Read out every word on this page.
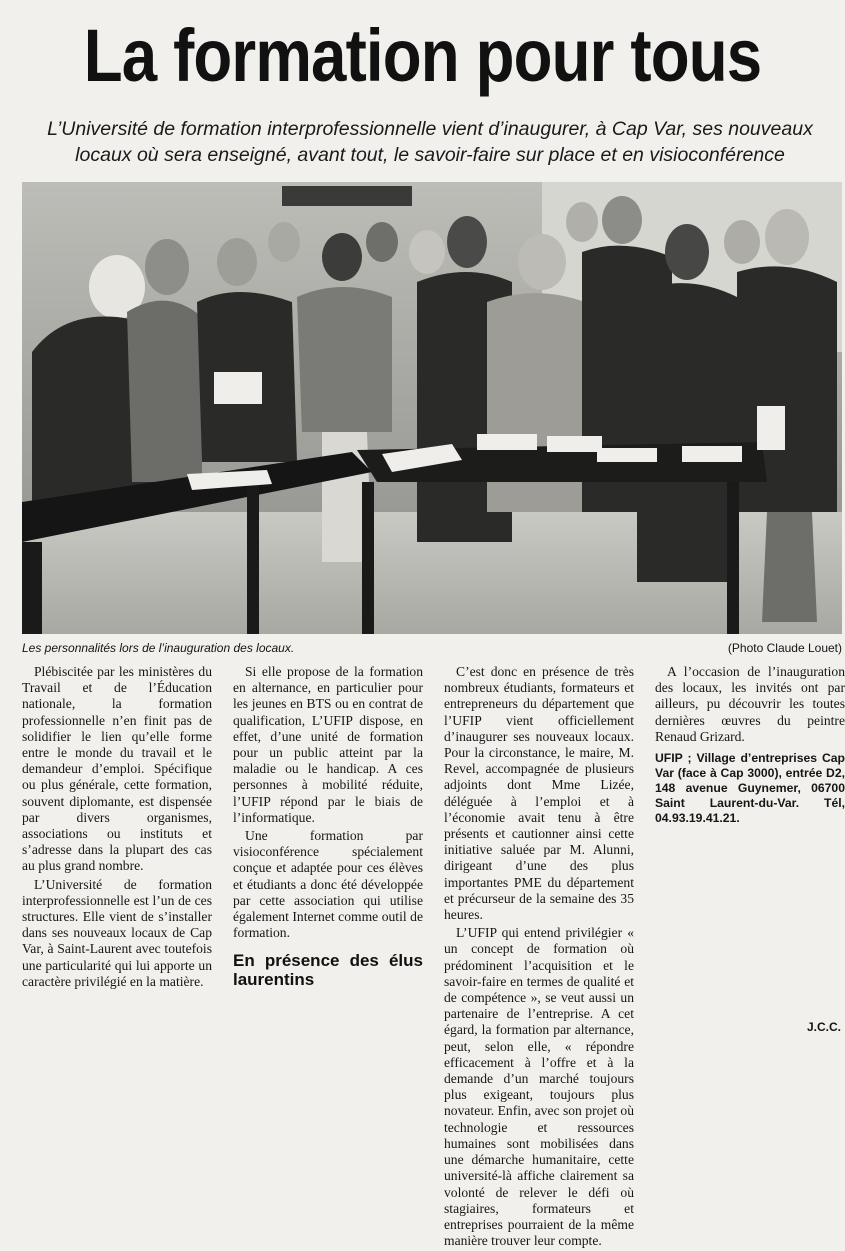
La formation pour tous

L’Université de formation interprofessionnelle vient d’inaugurer, à Cap Var, ses nouveaux locaux où sera enseigné, avant tout, le savoir-faire sur place et en visioconférence

Les personnalités lors de l’inauguration des locaux.	(Photo Claude Louet)

Plébiscitée par les ministères du Travail et de l’Éducation nationale, la formation professionnelle n’en finit pas de solidifier le lien qu’elle forme entre le monde du travail et le demandeur d’emploi. Spécifique ou plus générale, cette formation, souvent diplomante, est dispensée par divers organismes, associations ou instituts et s’adresse dans la plupart des cas au plus grand nombre.

L’Université de formation interprofessionnelle est l’un de ces structures. Elle vient de s’installer dans ses nouveaux locaux de Cap Var, à Saint-Laurent avec toutefois une particularité qui lui apporte un caractère privilégié en la matière.

Si elle propose de la formation en alternance, en particulier pour les jeunes en BTS ou en contrat de qualification, L’UFIP dispose, en effet, d’une unité de formation pour un public atteint par la maladie ou le handicap. A ces personnes à mobilité réduite, l’UFIP répond par le biais de l’informatique.

Une formation par visioconférence spécialement conçue et adaptée pour ces élèves et étudiants a donc été développée par cette association qui utilise également Internet comme outil de formation.

En présence des élus laurentins

C’est donc en présence de très nombreux étudiants, formateurs et entrepreneurs du département que l’UFIP vient officiellement d’inaugurer ses nouveaux locaux. Pour la circonstance, le maire, M. Revel, accompagnée de plusieurs adjoints dont Mme Lizée, déléguée à l’emploi et à l’économie avait tenu à être présents et cautionner ainsi cette initiative saluée par M. Alunni, dirigeant d’une des plus importantes PME du département et précurseur de la semaine des 35 heures.

L’UFIP qui entend privilégier « un concept de formation où prédominent l’acquisition et le savoir-faire en termes de qualité et de compétence », se veut aussi un partenaire de l’entreprise. A cet égard, la formation par alternance, peut, selon elle, « répondre efficacement à l’offre et à la demande d’un marché toujours plus exigeant, toujours plus novateur. Enfin, avec son projet où technologie et ressources humaines sont mobilisées dans une démarche humanitaire, cette université-là affiche clairement sa volonté de relever le défi où stagiaires, formateurs et entreprises pourraient de la même manière trouver leur compte.

A l’occasion de l’inauguration des locaux, les invités ont par ailleurs, pu découvrir les toutes dernières œuvres du peintre Renaud Grizard.

UFIP ; Village d’entreprises Cap Var (face à Cap 3000), entrée D2, 148 avenue Guynemer, 06700 Saint Laurent-du-Var. Tél, 04.93.19.41.21.
J.C.C.
